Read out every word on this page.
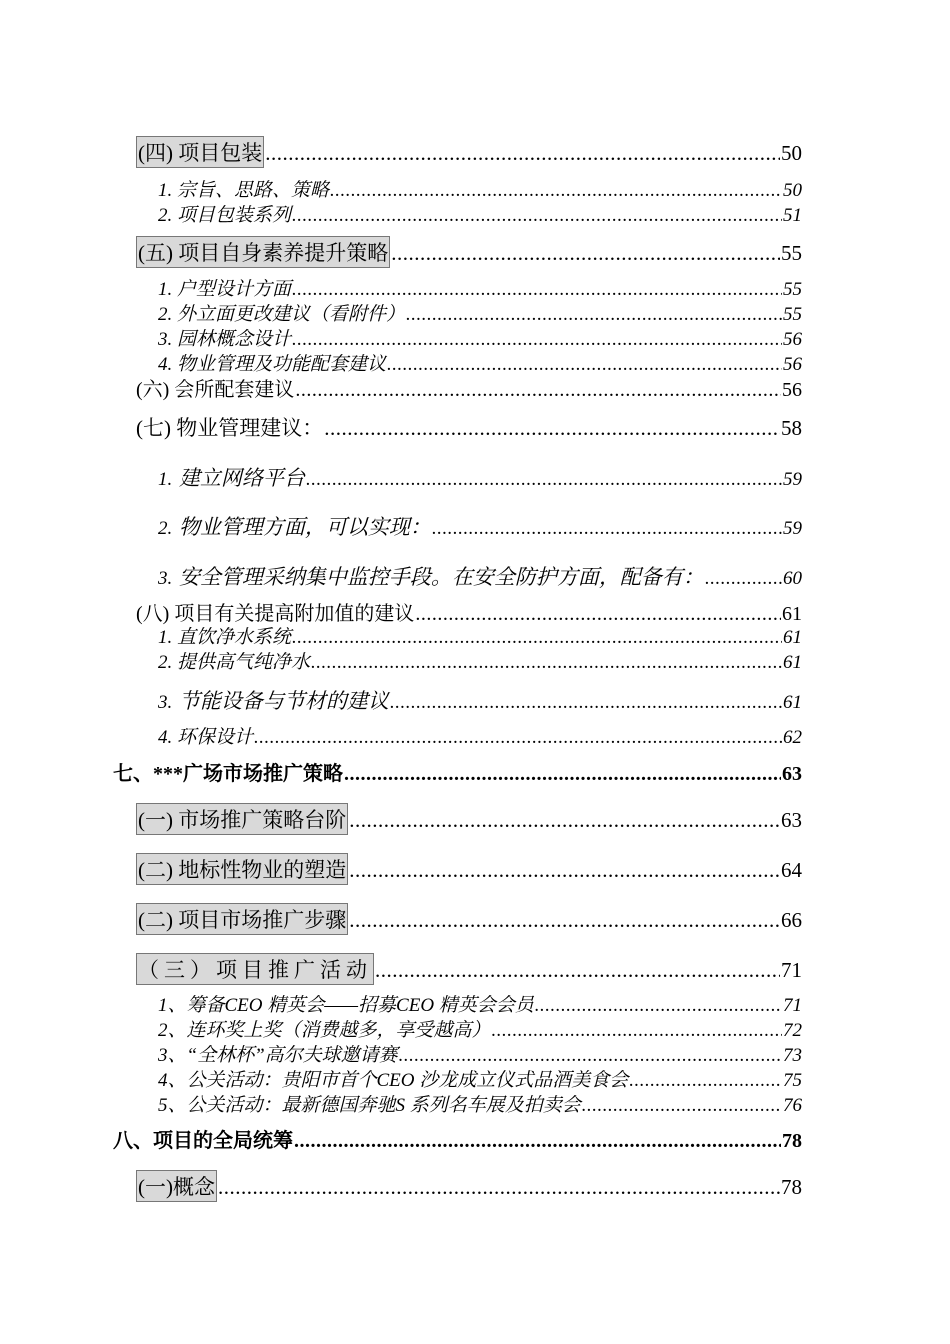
(四) 项目包装 .....	50
1. 宗旨、思路、策略 .....	50
2. 项目包装系列 .....	51
(五) 项目自身素养提升策略 .....	55
1. 户型设计方面 .....	55
2. 外立面更改建议（看附件） .....	55
3. 园林概念设计 .....	56
4. 物业管理及功能配套建议 .....	56
(六) 会所配套建议 .....	56
(七) 物业管理建议： .....	58
1. 建立网络平台 .....	59
2. 物业管理方面，可以实现： .....	59
3. 安全管理采纳集中监控手段。在安全防护方面，配备有： .....	60
(八) 项目有关提高附加值的建议 .....	61
1. 直饮净水系统 .....	61
2. 提供高气纯净水 .....	61
3. 节能设备与节材的建议 .....	61
4. 环保设计 .....	62
七、***广场市场推广策略 .....	63
(一) 市场推广策略台阶 .....	63
(二) 地标性物业的塑造 .....	64
(二) 项目市场推广步骤 .....	66
（三）项目推广活动 .....	71
1、筹备CEO 精英会——招募CEO 精英会会员 .....	71
2、连环奖上奖（消费越多，享受越高） .....	72
3、“全林杯”高尔夫球邀请赛 .....	73
4、公关活动：贵阳市首个CEO 沙龙成立仪式品酒美食会 .....	75
5、公关活动：最新德国奔驰S 系列名车展及拍卖会 .....	76
八、项目的全局统筹 .....	78
(一)概念 .....	78
